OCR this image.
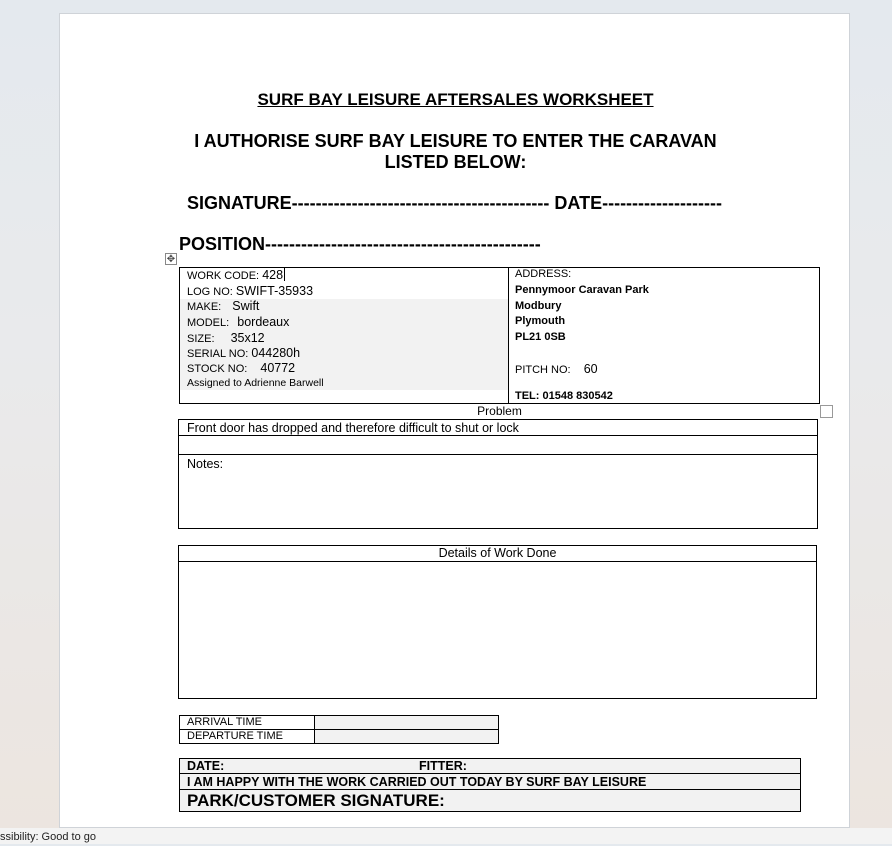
SURF BAY LEISURE AFTERSALES WORKSHEET
I AUTHORISE SURF BAY LEISURE TO ENTER THE CARAVAN
LISTED BELOW:
SIGNATURE------------------------------------------- DATE--------------------
POSITION----------------------------------------------
✥
WORK CODE: 428
LOG NO: SWIFT-35933
MAKE: Swift
MODEL: bordeaux
SIZE: 35x12
SERIAL NO: 044280h
STOCK NO: 40772
Assigned to Adrienne Barwell
ADDRESS:
Pennymoor Caravan Park
Modbury
Plymouth
PL21 0SB
PITCH NO: 60
TEL: 01548 830542
Problem
Front door has dropped and therefore difficult to shut or lock
Notes:
Details of Work Done
ARRIVAL TIME
DEPARTURE TIME
DATE:	FITTER:
I AM HAPPY WITH THE WORK CARRIED OUT TODAY BY SURF BAY LEISURE
PARK/CUSTOMER SIGNATURE:
ssibility: Good to go
